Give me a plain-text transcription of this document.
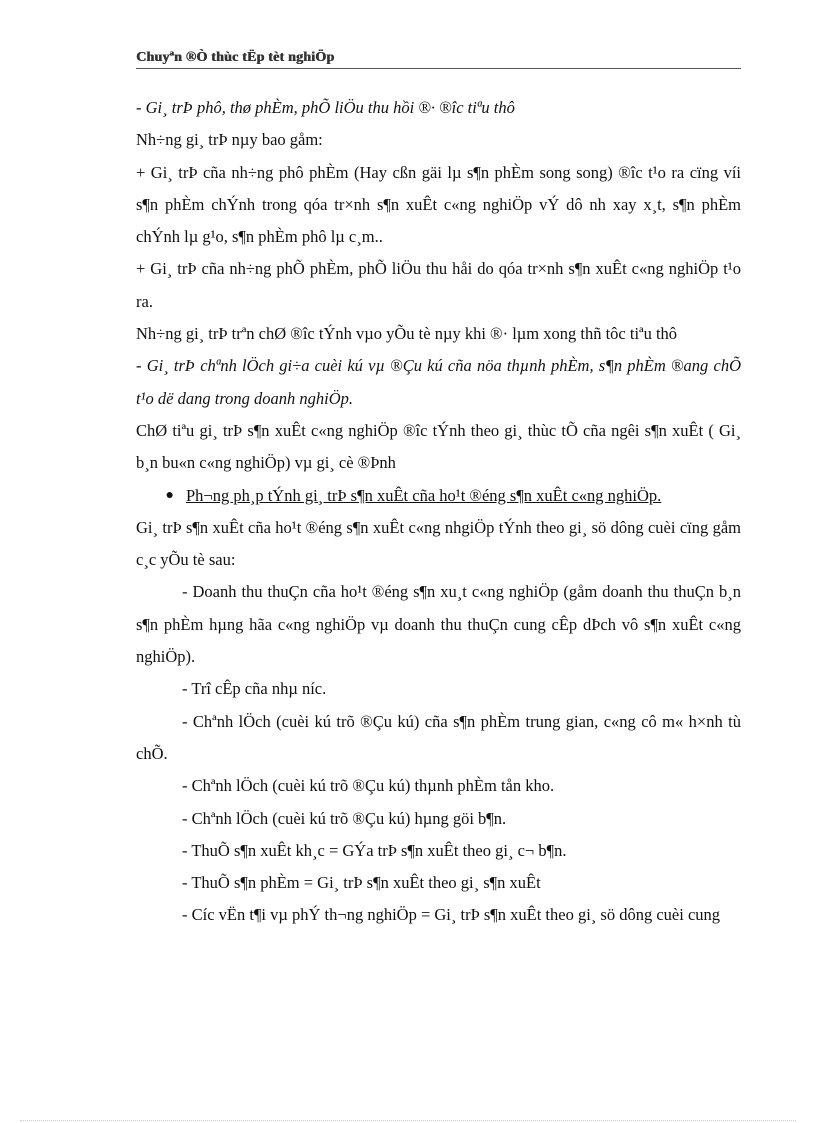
Chuyªn ®Ò thùc tËp tèt nghiÖp

- Gi¸ trÞ phô, thø phÈm, phÕ liÖu thu hồi ®· ®îc tiªu thô

Nh÷ng gi¸ trÞ nµy bao gåm:

+ Gi¸ trÞ cña nh÷ng phô phÈm (Hay cßn gäi lµ s¶n phÈm song song) ®îc t¹o ra cïng víi s¶n phÈm chÝnh trong qóa tr×nh s¶n xuÊt c«ng nghiÖp vÝ dô nh xay x¸t, s¶n phÈm chÝnh lµ g¹o, s¶n phÈm phô lµ c¸m..

+ Gi¸ trÞ cña nh÷ng phÕ phÈm, phÕ liÖu thu håi do qóa tr×nh s¶n xuÊt c«ng nghiÖp t¹o ra.

Nh÷ng gi¸ trÞ trªn chØ ®îc tÝnh vµo yÕu tè nµy khi ®· lµm xong thñ tôc tiªu thô

- Gi¸ trÞ chªnh lÖch gi÷a cuèi kú vµ ®Çu kú cña nöa thµnh phÈm, s¶n phÈm ®ang chÕ t¹o dë dang trong doanh nghiÖp.

ChØ tiªu gi¸ trÞ s¶n xuÊt c«ng nghiÖp ®îc tÝnh theo gi¸ thùc tÕ cña ngêi s¶n xuÊt ( Gi¸ b¸n bu«n c«ng nghiÖp) vµ gi¸ cè ®Þnh

● Ph¬ng ph¸p tÝnh gi¸ trÞ s¶n xuÊt cña ho¹t ®éng s¶n xuÊt c«ng nghiÖp.

Gi¸ trÞ s¶n xuÊt cña ho¹t ®éng s¶n xuÊt c«ng nhgiÖp tÝnh theo gi¸ sö dông cuèi cïng gåm c¸c yÕu tè sau:

- Doanh thu thuÇn cña ho¹t ®éng s¶n xu¸t c«ng nghiÖp (gåm doanh thu thuÇn b¸n s¶n phÈm hµng hãa c«ng nghiÖp vµ doanh thu thuÇn cung cÊp dÞch vô s¶n xuÊt c«ng nghiÖp).

- Trî cÊp cña nhµ níc.

- Chªnh lÖch (cuèi kú trõ ®Çu kú) cña s¶n phÈm trung gian, c«ng cô m« h×nh tù chÕ.

- Chªnh lÖch (cuèi kú trõ ®Çu kú) thµnh phÈm tån kho.

- Chªnh lÖch (cuèi kú trõ ®Çu kú) hµng göi b¶n.

- ThuÕ s¶n xuÊt kh¸c = GÝa trÞ s¶n xuÊt theo gi¸ c¬ b¶n.

- ThuÕ s¶n phÈm = Gi¸ trÞ s¶n xuÊt theo gi¸ s¶n xuÊt

- Cíc vËn t¶i vµ phÝ th¬ng nghiÖp = Gi¸ trÞ s¶n xuÊt theo gi¸ sö dông cuèi cung
